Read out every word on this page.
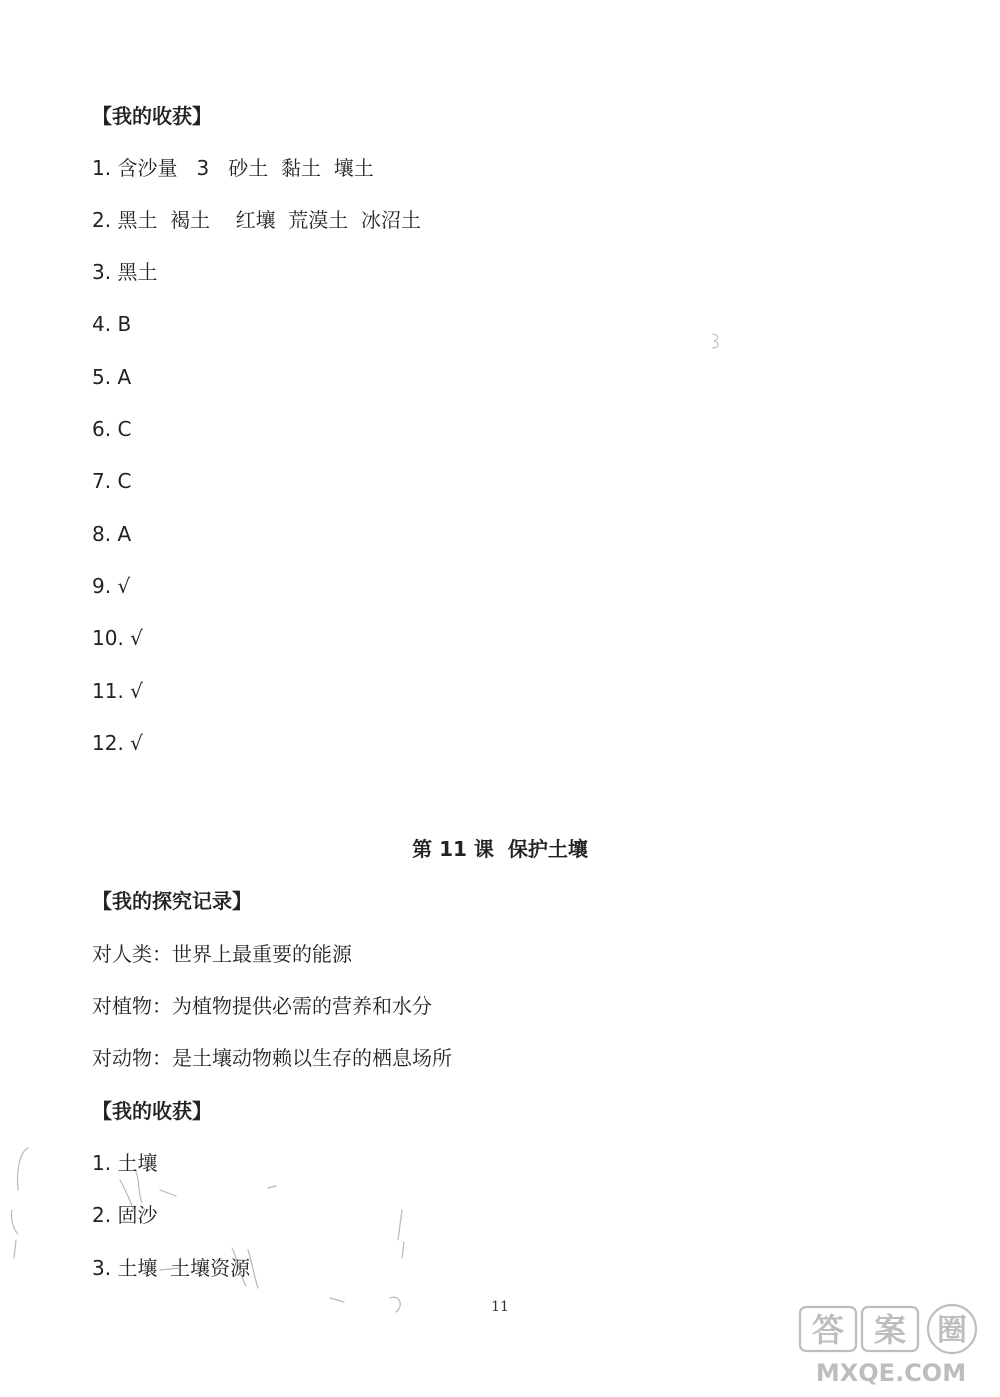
【我的收获】
1. 含沙量   3   砂土  黏土  壤土
2. 黑土  褐土    红壤  荒漠土  冰沼土
3. 黑土
4. B
5. A
6. C
7. C
8. A
9. √
10. √
11. √
12. √
第 11 课  保护土壤
【我的探究记录】
对人类：世界上最重要的能源
对植物：为植物提供必需的营养和水分
对动物：是土壤动物赖以生存的栖息场所
【我的收获】
1. 土壤
2. 固沙
3. 土壤  土壤资源
11
答 案 圈
MXQE.COM
